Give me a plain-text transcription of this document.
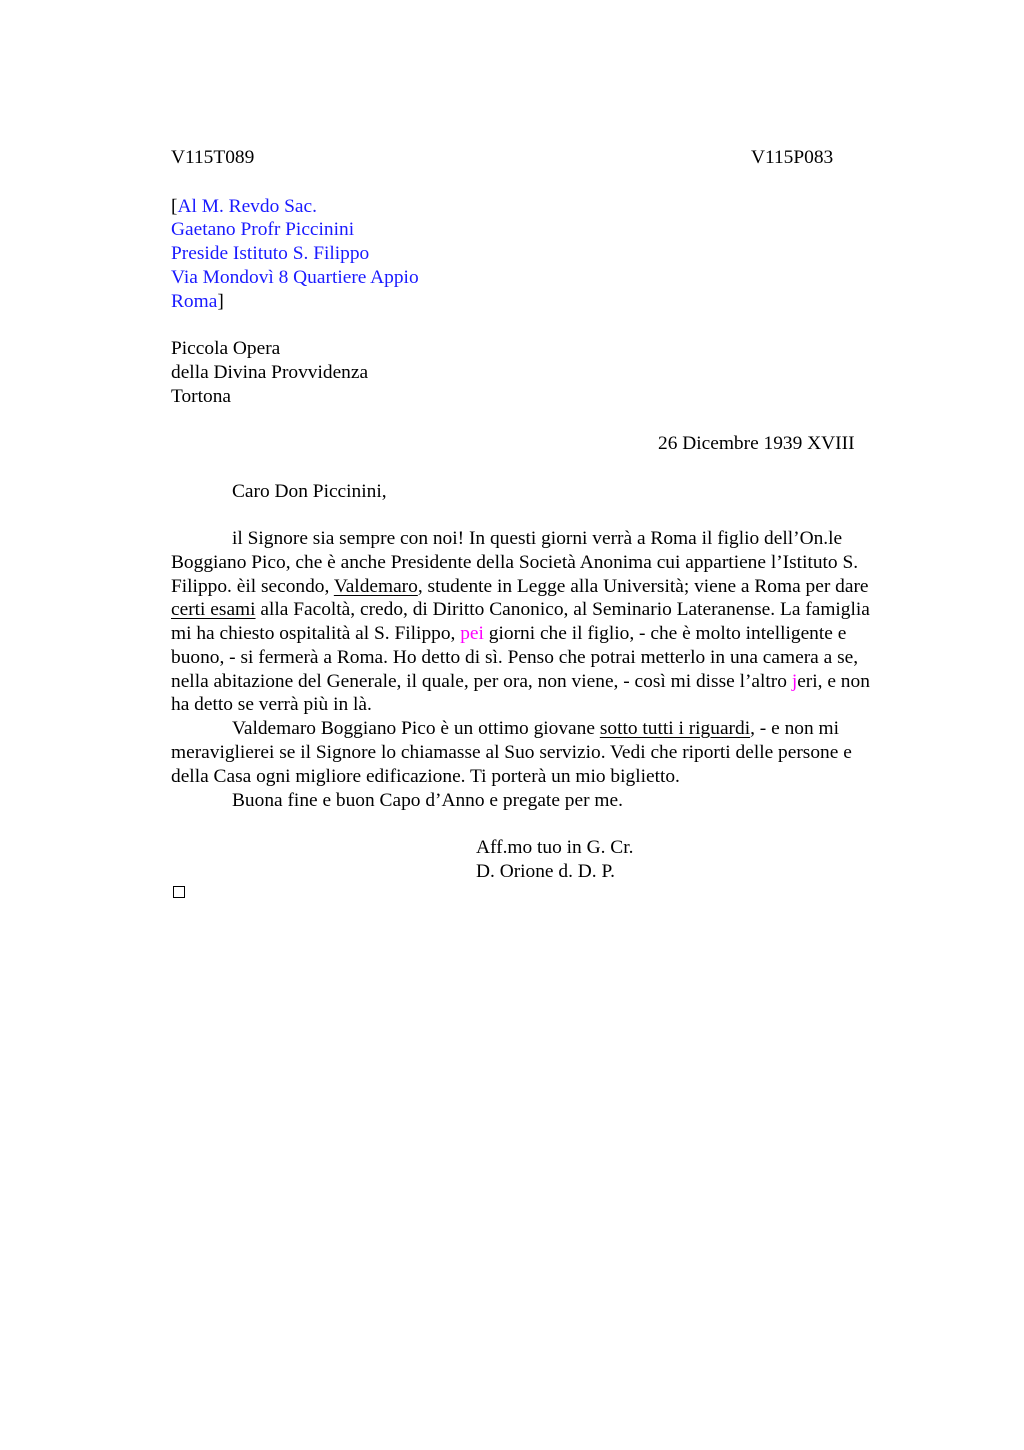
V115T089	V115P083
[Al M. Revdo Sac.
Gaetano Profr Piccinini
Preside Istituto S. Filippo
Via Mondovì 8 Quartiere Appio
Roma]
Piccola Opera
della Divina Provvidenza
Tortona
26 Dicembre 1939 XVIII
Caro Don Piccinini,
il Signore sia sempre con noi! In questi giorni verrà a Roma il figlio dell’On.le
Boggiano Pico, che è anche Presidente della Società Anonima cui appartiene l’Istituto S.
Filippo. èil secondo, Valdemaro, studente in Legge alla Università; viene a Roma per dare
certi esami alla Facoltà, credo, di Diritto Canonico, al Seminario Lateranense. La famiglia
mi ha chiesto ospitalità al S. Filippo, pei giorni che il figlio, - che è molto intelligente e
buono, - si fermerà a Roma. Ho detto di sì. Penso che potrai metterlo in una camera a se,
nella abitazione del Generale, il quale, per ora, non viene, - così mi disse l’altro jeri, e non
ha detto se verrà più in là.
Valdemaro Boggiano Pico è un ottimo giovane sotto tutti i riguardi, - e non mi
meraviglierei se il Signore lo chiamasse al Suo servizio. Vedi che riporti delle persone e
della Casa ogni migliore edificazione. Ti porterà un mio biglietto.
Buona fine e buon Capo d’Anno e pregate per me.
Aff.mo tuo in G. Cr.
D. Orione d. D. P.
